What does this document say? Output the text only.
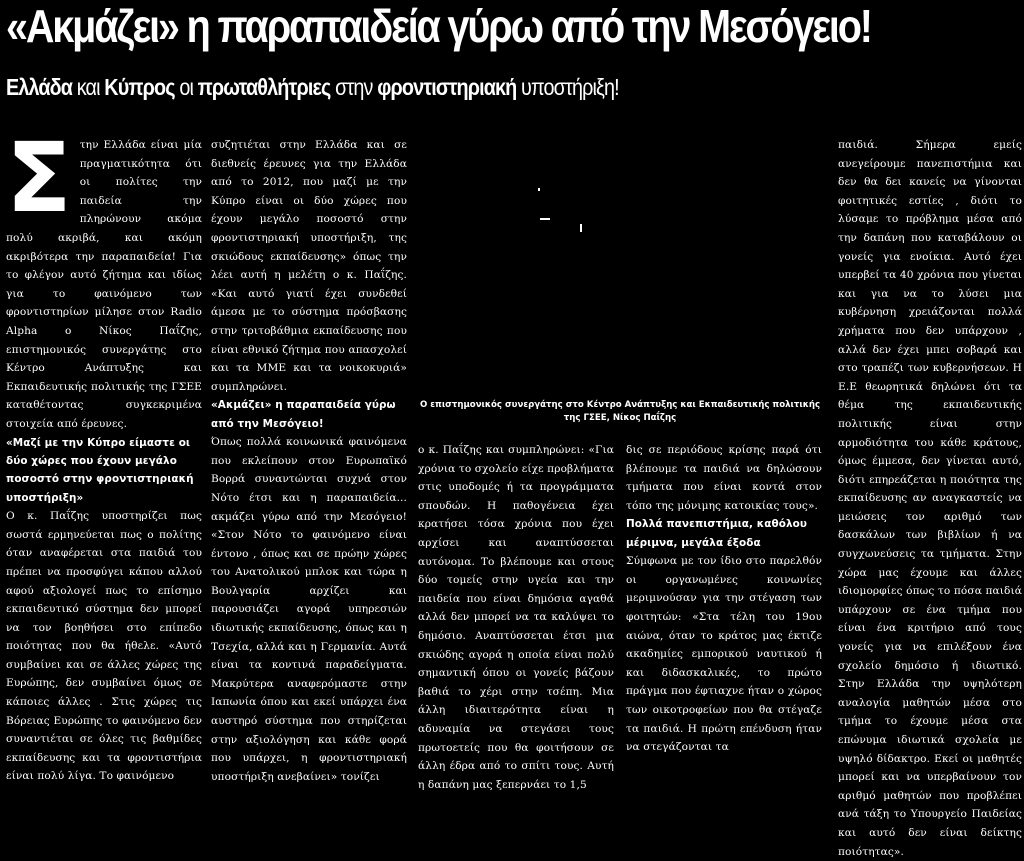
«Ακμάζει» η παραπαιδεία γύρω από την Μεσόγειο!
Ελλάδα και Κύπρος οι πρωταθλήτριες στην φροντιστηριακή υποστήριξη!
Σ την Ελλάδα είναι μία πραγματικότητα ότι οι πολίτες την παιδεία την πληρώνουν ακόμα πολύ ακριβά, και ακόμη ακριβότερα την παραπαιδεία! Για το φλέγον αυτό ζήτημα και ιδίως για το φαινόμενο των φροντιστηρίων μίλησε στον Radio Alpha ο Νίκος Παΐζης, επιστημονικός συνεργάτης στο Κέντρο Ανάπτυξης και Εκπαιδευτικής πολιτικής της ΓΣΕΕ καταθέτοντας συγκεκριμένα στοιχεία από έρευνες.

«Μαζί με την Κύπρο είμαστε οι δύο χώρες που έχουν μεγάλο ποσοστό στην φροντιστηριακή υποστήριξη»

Ο κ. Παΐζης υποστηρίζει πως σωστά ερμηνεύεται πως ο πολίτης όταν αναφέρεται στα παιδιά του πρέπει να προσφύγει κάπου αλλού αφού αξιολογεί πως το επίσημο εκπαιδευτικό σύστημα δεν μπορεί να τον βοηθήσει στο επίπεδο ποιότητας που θα ήθελε. «Αυτό συμβαίνει και σε άλλες χώρες της Ευρώπης, δεν συμβαίνει όμως σε κάποιες άλλες . Στις χώρες τις Βόρειας Ευρώπης το φαινόμενο δεν συναντιέται σε όλες τις βαθμίδες εκπαίδευσης και τα φροντιστήρια είναι πολύ λίγα. Το φαινόμενο

συζητιέται στην Ελλάδα και σε διεθνείς έρευνες για την Ελλάδα από το 2012, που μαζί με την Κύπρο είναι οι δύο χώρες που έχουν μεγάλο ποσοστό στην φροντιστηριακή υποστήριξη, της σκιώδους εκπαίδευσης» όπως την λέει αυτή η μελέτη ο κ. Παΐζης. «Και αυτό γιατί έχει συνδεθεί άμεσα με το σύστημα πρόσβασης στην τριτοβάθμια εκπαίδευσης που είναι εθνικό ζήτημα που απασχολεί και τα ΜΜΕ και τα νοικοκυριά» συμπληρώνει.

«Ακμάζει» η παραπαιδεία γύρω από την Μεσόγειο!

Όπως πολλά κοινωνικά φαινόμενα που εκλείπουν στον Ευρωπαϊκό Βορρά συναντώνται συχνά στον Νότο έτσι και η παραπαιδεία... ακμάζει γύρω από την Μεσόγειο! «Στον Νότο το φαινόμενο είναι έντονο , όπως και σε πρώην χώρες του Ανατολικού μπλοκ και τώρα η Βουλγαρία αρχίζει και παρουσιάζει αγορά υπηρεσιών ιδιωτικής εκπαίδευσης, όπως και η Τσεχία, αλλά και η Γερμανία. Αυτά είναι τα κοντινά παραδείγματα. Μακρύτερα αναφερόμαστε στην Ιαπωνία όπου και εκεί υπάρχει ένα αυστηρό σύστημα που στηρίζεται στην αξιολόγηση και κάθε φορά που υπάρχει, η φροντιστηριακή υποστήριξη ανεβαίνει» τονίζει

Ο επιστημονικός συνεργάτης στο Κέντρο Ανάπτυξης και Εκπαιδευτικής πολιτικής της ΓΣΕΕ, Νίκος Παΐζης

ο κ. Παΐζης και συμπληρώνει: «Για χρόνια το σχολείο είχε προβλήματα στις υποδομές ή τα προγράμματα σπουδών. Η παθογένεια έχει κρατήσει τόσα χρόνια που έχει αρχίσει και αναπτύσσεται αυτόνομα. Το βλέπουμε και στους δύο τομείς στην υγεία και την παιδεία που είναι δημόσια αγαθά αλλά δεν μπορεί να τα καλύψει το δημόσιο. Αναπτύσσεται έτσι μια σκιώδης αγορά η οποία είναι πολύ σημαντική όπου οι γονείς βάζουν βαθιά το χέρι στην τσέπη. Μια άλλη ιδιαιτερότητα είναι η αδυναμία να στεγάσει τους πρωτοετείς που θα φοιτήσουν σε άλλη έδρα από το σπίτι τους. Αυτή η δαπάνη μας ξεπερνάει το 1,5

δις σε περιόδους κρίσης παρά ότι βλέπουμε τα παιδιά να δηλώσουν τμήματα που είναι κοντά στον τόπο της μόνιμης κατοικίας τους».

Πολλά πανεπιστήμια, καθόλου μέριμνα, μεγάλα έξοδα

Σύμφωνα με τον ίδιο στο παρελθόν οι οργανωμένες κοινωνίες μεριμνούσαν για την στέγαση των φοιτητών: «Στα τέλη του 19ου αιώνα, όταν το κράτος μας έκτιζε ακαδημίες εμπορικού ναυτικού ή και διδασκαλικές, το πρώτο πράγμα που έφτιαχνε ήταν ο χώρος των οικοτροφείων που θα στέγαζε τα παιδιά. Η πρώτη επένδυση ήταν να στεγάζονται τα

παιδιά. Σήμερα εμείς ανεγείρουμε πανεπιστήμια και δεν θα δει κανείς να γίνονται φοιτητικές εστίες , διότι το λύσαμε το πρόβλημα μέσα από την δαπάνη που καταβάλουν οι γονείς για ενοίκια. Αυτό έχει υπερβεί τα 40 χρόνια που γίνεται και για να το λύσει μια κυβέρνηση χρειάζονται πολλά χρήματα που δεν υπάρχουν , αλλά δεν έχει μπει σοβαρά και στο τραπέζι των κυβερνήσεων. Η Ε.Ε θεωρητικά δηλώνει ότι τα θέμα της εκπαιδευτικής πολιτικής είναι στην αρμοδιότητα του κάθε κράτους, όμως έμμεσα, δεν γίνεται αυτό, διότι επηρεάζεται η ποιότητα της εκπαίδευσης αν αναγκαστείς να μειώσεις τον αριθμό των δασκάλων των βιβλίων ή να συγχωνεύσεις τα τμήματα. Στην χώρα μας έχουμε και άλλες ιδιομορφίες όπως το πόσα παιδιά υπάρχουν σε ένα τμήμα που είναι ένα κριτήριο από τους γονείς για να επιλέξουν ένα σχολείο δημόσιο ή ιδιωτικό. Στην Ελλάδα την υψηλότερη αναλογία μαθητών μέσα στο τμήμα το έχουμε μέσα στα επώνυμα ιδιωτικά σχολεία με υψηλό δίδακτρο. Εκεί οι μαθητές μπορεί και να υπερβαίνουν τον αριθμό μαθητών που προβλέπει ανά τάξη το Υπουργείο Παιδείας και αυτό δεν είναι δείκτης ποιότητας».
